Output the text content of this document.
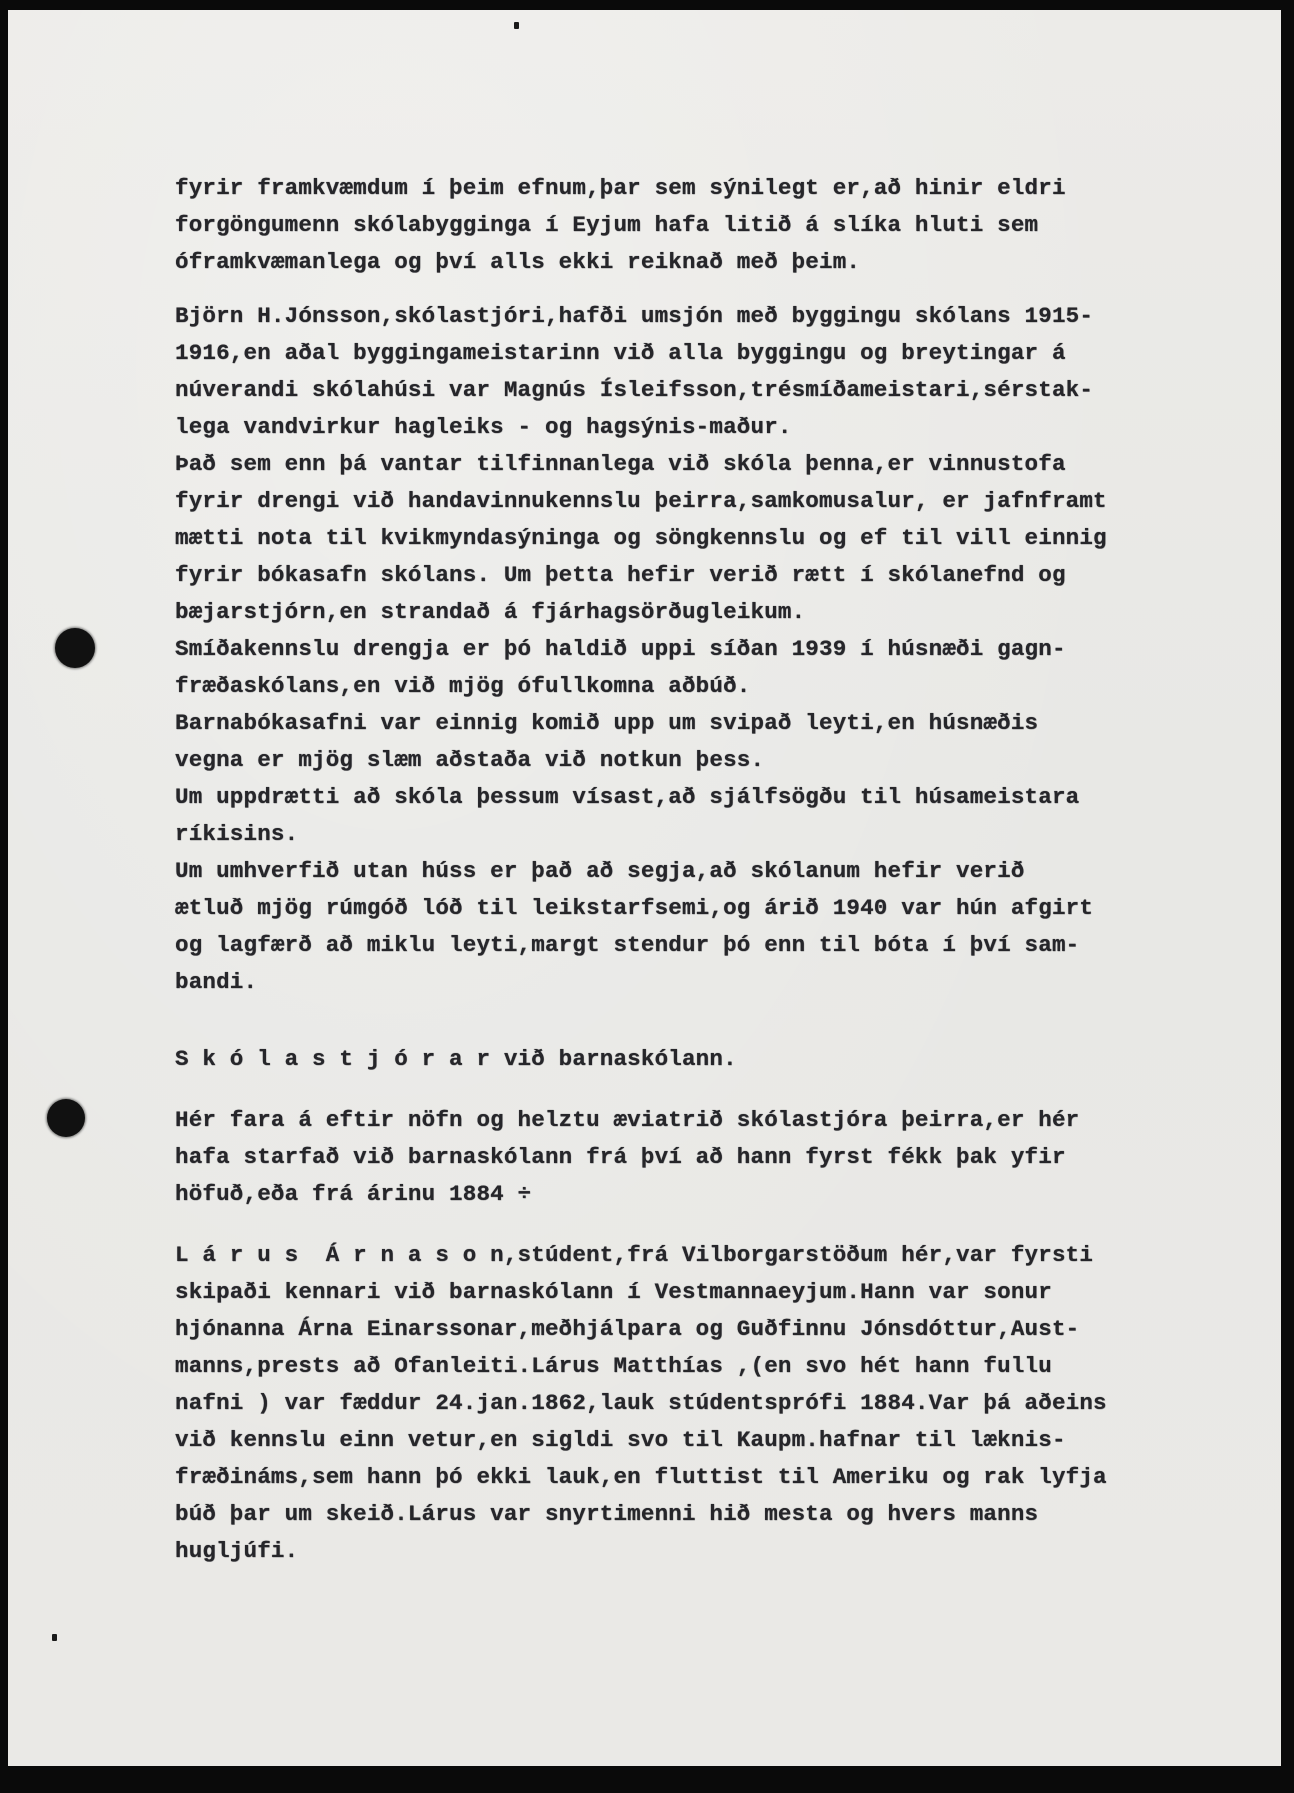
fyrir framkvæmdum í þeim efnum,þar sem sýnilegt er,að hinir eldri
forgöngumenn skólabygginga í Eyjum hafa litið á slíka hluti sem
óframkvæmanlega og því alls ekki reiknað með þeim.
Björn H.Jónsson,skólastjóri,hafði umsjón með byggingu skólans 1915-
1916,en aðal byggingameistarinn við alla byggingu og breytingar á
núverandi skólahúsi var Magnús Ísleifsson,trésmíðameistari,sérstak-
lega vandvirkur hagleiks - og hagsýnis-maður.
Það sem enn þá vantar tilfinnanlega við skóla þenna,er vinnustofa
fyrir drengi við handavinnukennslu þeirra,samkomusalur, er jafnframt
mætti nota til kvikmyndasýninga og söngkennslu og ef til vill einnig
fyrir bókasafn skólans. Um þetta hefir verið rætt í skólanefnd og
bæjarstjórn,en strandað á fjárhagsörðugleikum.
Smíðakennslu drengja er þó haldið uppi síðan 1939 í húsnæði gagn-
fræðaskólans,en við mjög ófullkomna aðbúð.
Barnabókasafni var einnig komið upp um svipað leyti,en húsnæðis
vegna er mjög slæm aðstaða við notkun þess.
Um uppdrætti að skóla þessum vísast,að sjálfsögðu til húsameistara
ríkisins.
Um umhverfið utan húss er það að segja,að skólanum hefir verið
ætluð mjög rúmgóð lóð til leikstarfsemi,og árið 1940 var hún afgirt
og lagfærð að miklu leyti,margt stendur þó enn til bóta í því sam-
bandi.
S k ó l a s t j ó r a r við barnaskólann.
Hér fara á eftir nöfn og helztu æviatrið skólastjóra þeirra,er hér
hafa starfað við barnaskólann frá því að hann fyrst fékk þak yfir
höfuð,eða frá árinu 1884 ÷
L á r u s  Á r n a s o n,stúdent,frá Vilborgarstöðum hér,var fyrsti
skipaði kennari við barnaskólann í Vestmannaeyjum.Hann var sonur
hjónanna Árna Einarssonar,meðhjálpara og Guðfinnu Jónsdóttur,Aust-
manns,prests að Ofanleiti.Lárus Matthías ,(en svo hét hann fullu
nafni ) var fæddur 24.jan.1862,lauk stúdentsprófi 1884.Var þá aðeins
við kennslu einn vetur,en sigldi svo til Kaupm.hafnar til læknis-
fræðináms,sem hann þó ekki lauk,en fluttist til Ameriku og rak lyfja
búð þar um skeið.Lárus var snyrtimenni hið mesta og hvers manns
hugljúfi.
